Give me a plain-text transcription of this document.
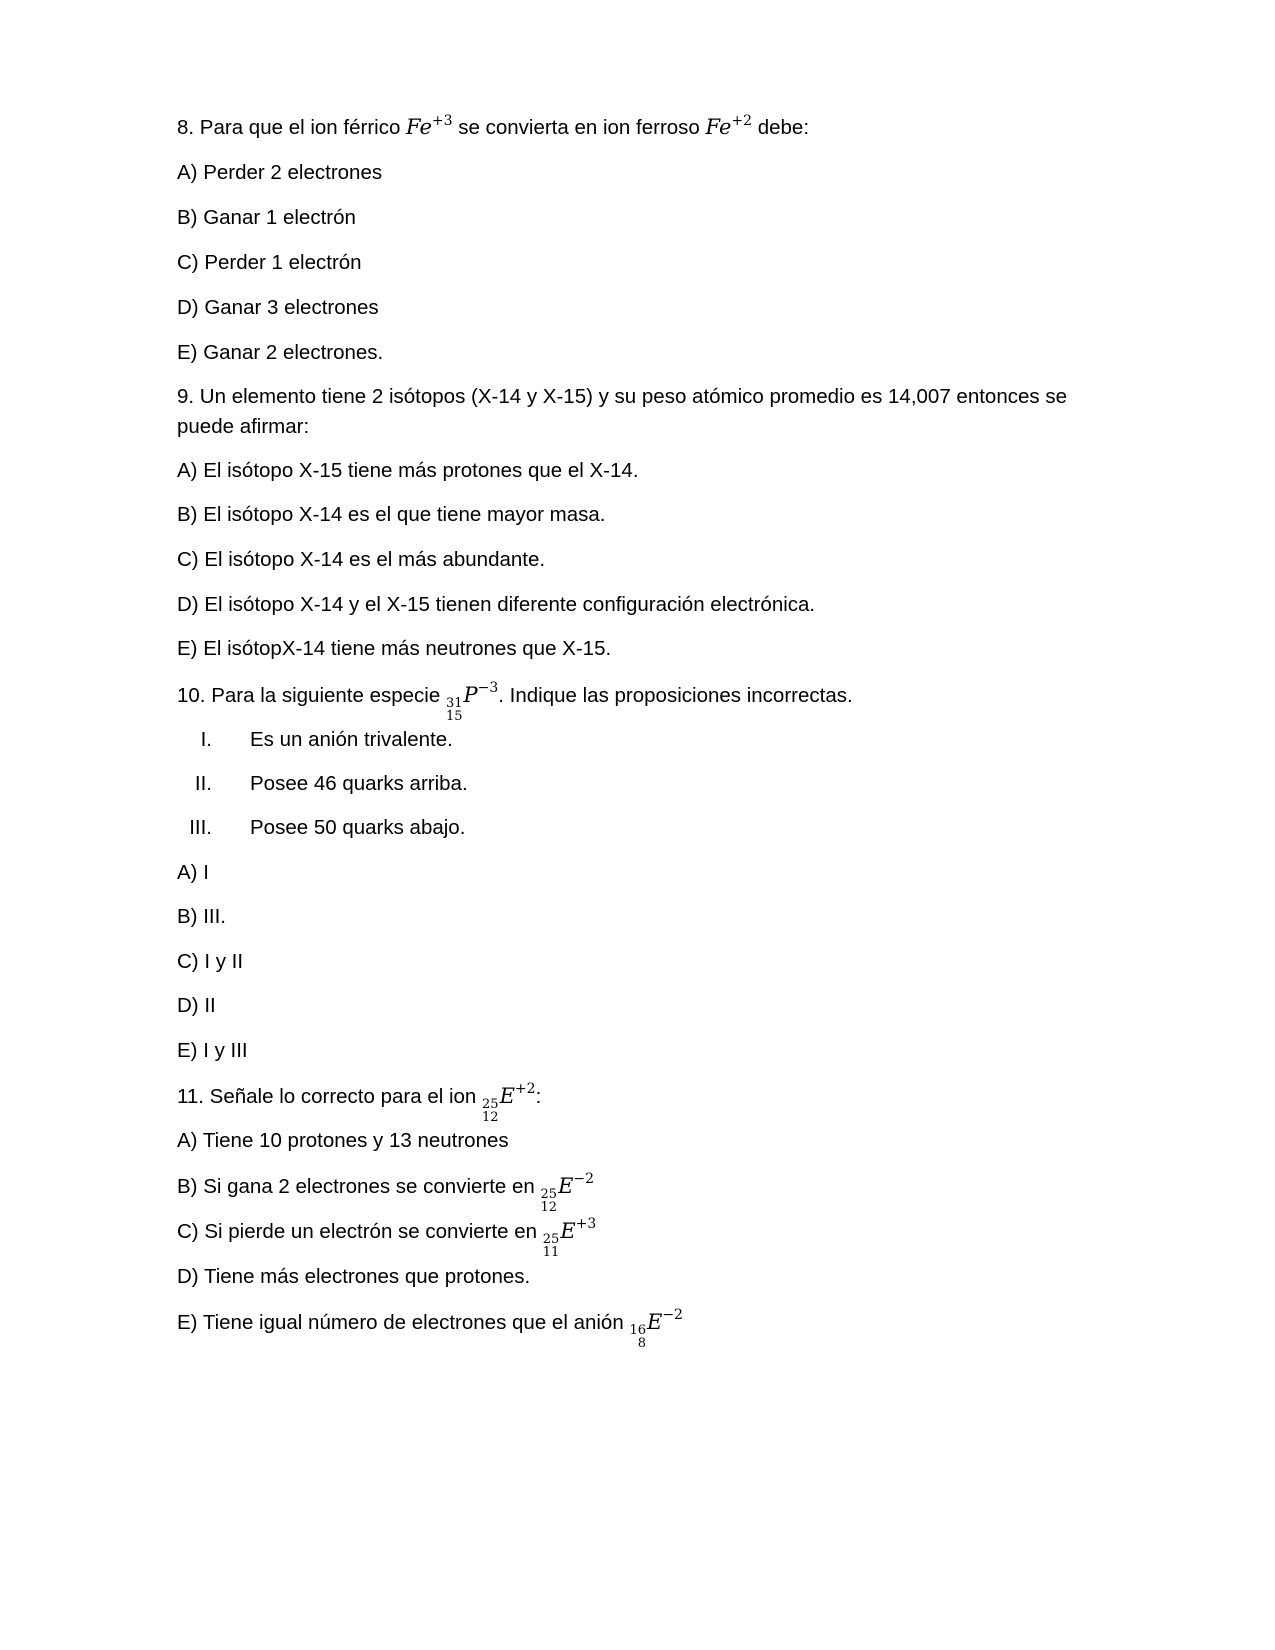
8. Para que el ion férrico $Fe^{+3}$ se convierta en ion ferroso $Fe^{+2}$ debe:
A) Perder 2 electrones
B) Ganar 1 electrón
C) Perder 1 electrón
D) Ganar 3 electrones
E) Ganar 2 electrones.
9. Un elemento tiene 2 isótopos (X-14 y X-15) y su peso atómico promedio es 14,007 entonces se puede afirmar:
A) El isótopo X-15 tiene más protones que el X-14.
B) El isótopo X-14 es el que tiene mayor masa.
C) El isótopo X-14 es el más abundante.
D) El isótopo X-14 y el X-15 tienen diferente configuración electrónica.
E) El isótopX-14 tiene más neutrones que X-15.
10. Para la siguiente especie 31
15
$P^{-3}$. Indique las proposiciones incorrectas.
I. Es un anión trivalente.
II. Posee 46 quarks arriba.
III. Posee 50 quarks abajo.
A) I
B) III.
C) I y II
D) II
E) I y III
11. Señale lo correcto para el ion 25
12
$E^{+2}$:
A) Tiene 10 protones y 13 neutrones
B) Si gana 2 electrones se convierte en 25
12
$E^{-2}$
C) Si pierde un electrón se convierte en 25
11
$E^{+3}$
D) Tiene más electrones que protones.
E) Tiene igual número de electrones que el anión 16
8
$E^{-2}$
